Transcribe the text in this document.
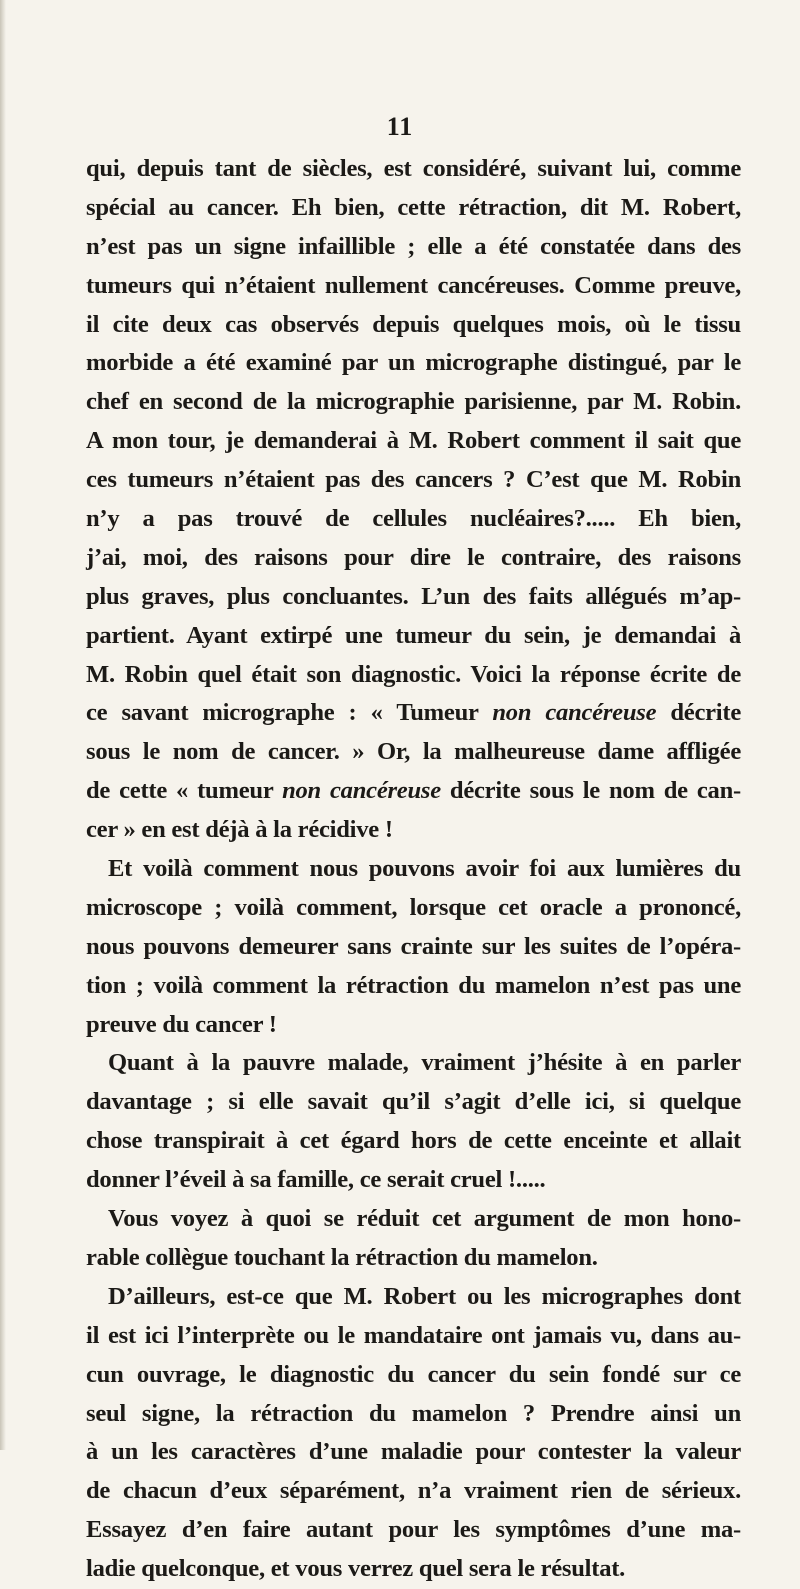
11
qui, depuis tant de siècles, est considéré, suivant lui, comme
spécial au cancer. Eh bien, cette rétraction, dit M. Robert,
n’est pas un signe infaillible ; elle a été constatée dans des
tumeurs qui n’étaient nullement cancéreuses. Comme preuve,
il cite deux cas observés depuis quelques mois, où le tissu
morbide a été examiné par un micrographe distingué, par le
chef en second de la micrographie parisienne, par M. Robin.
A mon tour, je demanderai à M. Robert comment il sait que
ces tumeurs n’étaient pas des cancers ? C’est que M. Robin
n’y a pas trouvé de cellules nucléaires?..... Eh bien,
j’ai, moi, des raisons pour dire le contraire, des raisons
plus graves, plus concluantes. L’un des faits allégués m’ap-
partient. Ayant extirpé une tumeur du sein, je demandai à
M. Robin quel était son diagnostic. Voici la réponse écrite de
ce savant micrographe : « Tumeur non cancéreuse décrite
sous le nom de cancer. » Or, la malheureuse dame affligée
de cette « tumeur non cancéreuse décrite sous le nom de can-
cer » en est déjà à la récidive !
Et voilà comment nous pouvons avoir foi aux lumières du
microscope ; voilà comment, lorsque cet oracle a prononcé,
nous pouvons demeurer sans crainte sur les suites de l’opéra-
tion ; voilà comment la rétraction du mamelon n’est pas une
preuve du cancer !
Quant à la pauvre malade, vraiment j’hésite à en parler
davantage ; si elle savait qu’il s’agit d’elle ici, si quelque
chose transpirait à cet égard hors de cette enceinte et allait
donner l’éveil à sa famille, ce serait cruel !.....
Vous voyez à quoi se réduit cet argument de mon hono-
rable collègue touchant la rétraction du mamelon.
D’ailleurs, est-ce que M. Robert ou les micrographes dont
il est ici l’interprète ou le mandataire ont jamais vu, dans au-
cun ouvrage, le diagnostic du cancer du sein fondé sur ce
seul signe, la rétraction du mamelon ? Prendre ainsi un
à un les caractères d’une maladie pour contester la valeur
de chacun d’eux séparément, n’a vraiment rien de sérieux.
Essayez d’en faire autant pour les symptômes d’une ma-
ladie quelconque, et vous verrez quel sera le résultat.
